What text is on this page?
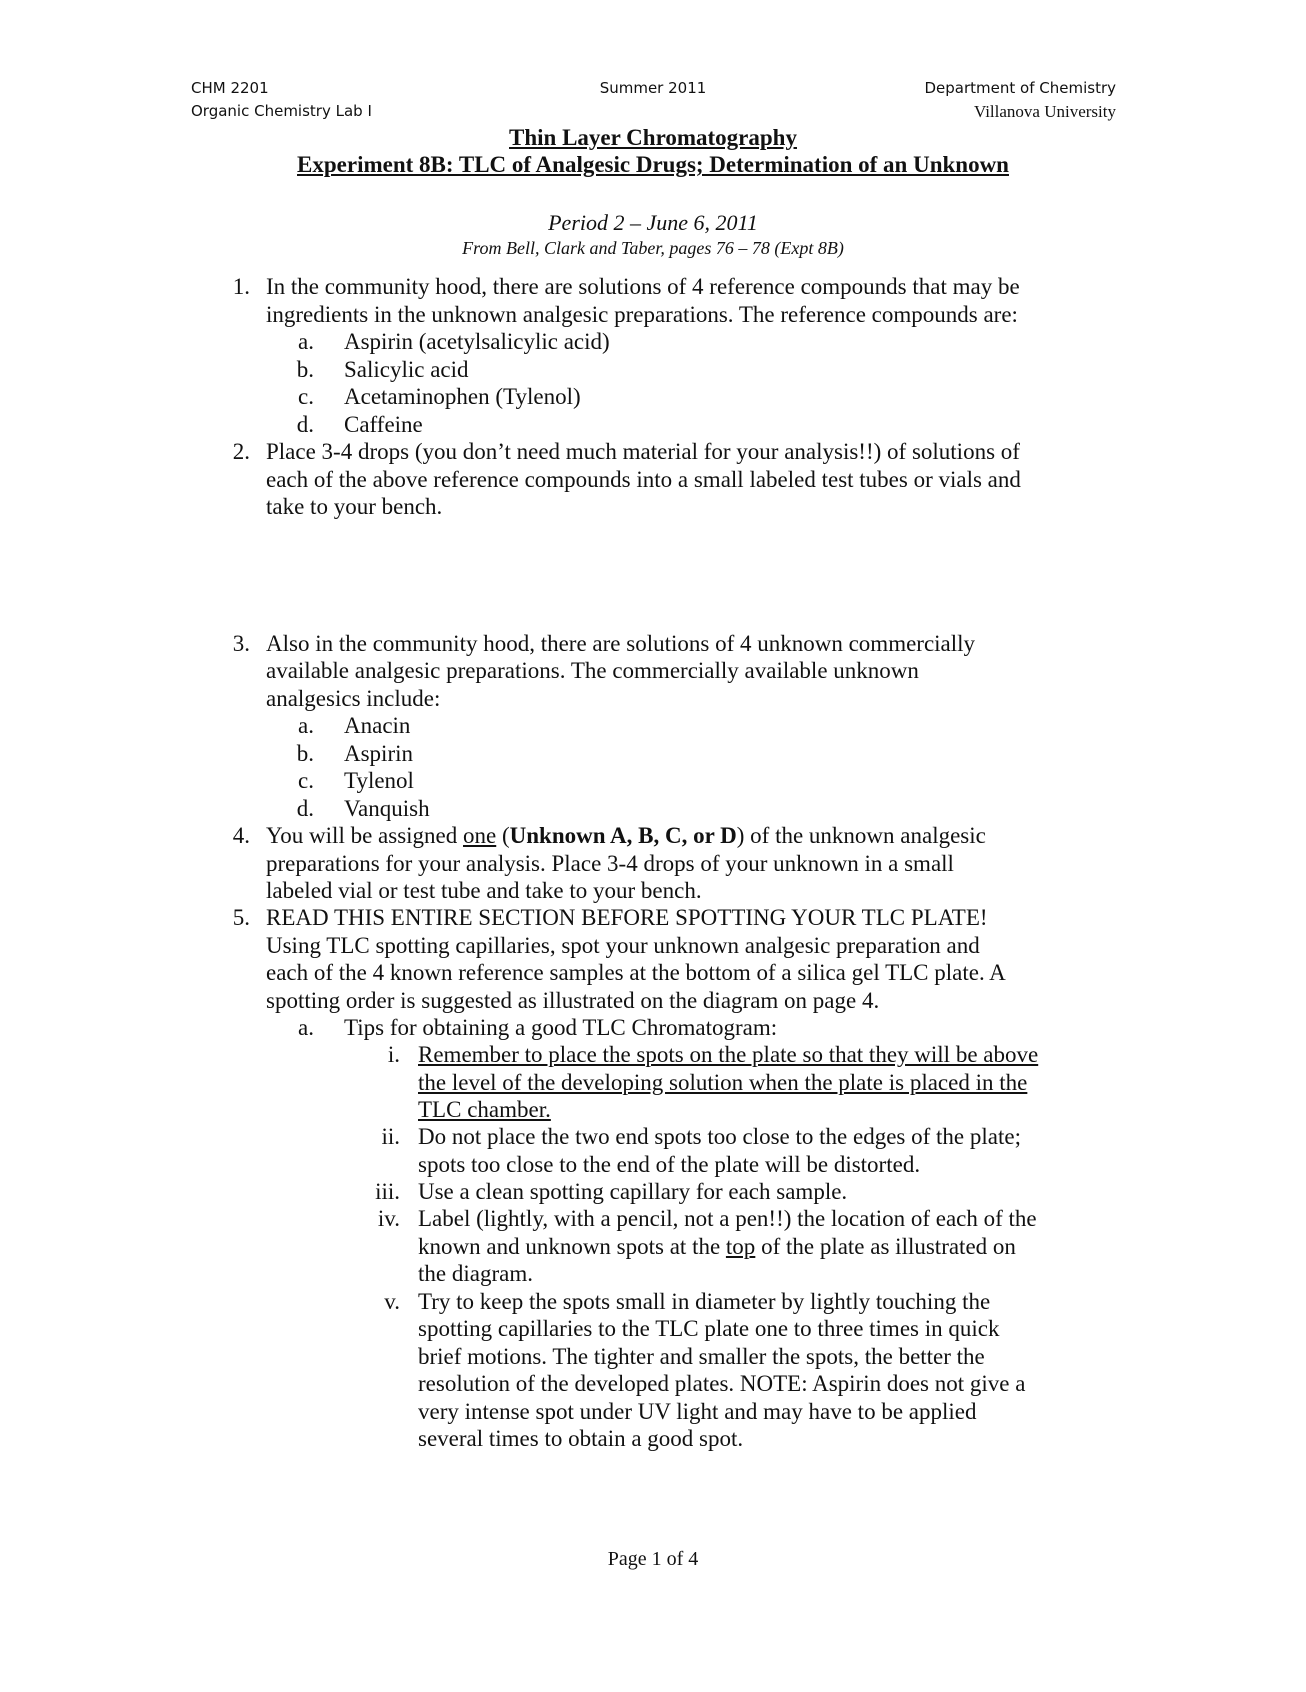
CHM 2201
Organic Chemistry Lab I
Summer 2011	Department of Chemistry
Villanova University
Thin Layer Chromatography
Experiment 8B: TLC of Analgesic Drugs; Determination of an Unknown
Period 2 – June 6, 2011
From Bell, Clark and Taber, pages 76 – 78 (Expt 8B)
1. In the community hood, there are solutions of 4 reference compounds that may be
ingredients in the unknown analgesic preparations. The reference compounds are:
a. Aspirin (acetylsalicylic acid)
b. Salicylic acid
c. Acetaminophen (Tylenol)
d. Caffeine
2. Place 3-4 drops (you don’t need much material for your analysis!!) of solutions of
each of the above reference compounds into a small labeled test tubes or vials and
take to your bench.
3. Also in the community hood, there are solutions of 4 unknown commercially
available analgesic preparations. The commercially available unknown
analgesics include:
a. Anacin
b. Aspirin
c. Tylenol
d. Vanquish
4. You will be assigned one (Unknown A, B, C, or D) of the unknown analgesic
preparations for your analysis. Place 3-4 drops of your unknown in a small
labeled vial or test tube and take to your bench.
5. READ THIS ENTIRE SECTION BEFORE SPOTTING YOUR TLC PLATE!
Using TLC spotting capillaries, spot your unknown analgesic preparation and
each of the 4 known reference samples at the bottom of a silica gel TLC plate. A
spotting order is suggested as illustrated on the diagram on page 4.
a. Tips for obtaining a good TLC Chromatogram:
i. Remember to place the spots on the plate so that they will be above
the level of the developing solution when the plate is placed in the
TLC chamber.
ii. Do not place the two end spots too close to the edges of the plate;
spots too close to the end of the plate will be distorted.
iii. Use a clean spotting capillary for each sample.
iv. Label (lightly, with a pencil, not a pen!!) the location of each of the
known and unknown spots at the top of the plate as illustrated on
the diagram.
v. Try to keep the spots small in diameter by lightly touching the
spotting capillaries to the TLC plate one to three times in quick
brief motions. The tighter and smaller the spots, the better the
resolution of the developed plates. NOTE: Aspirin does not give a
very intense spot under UV light and may have to be applied
several times to obtain a good spot.
Page 1 of 4
